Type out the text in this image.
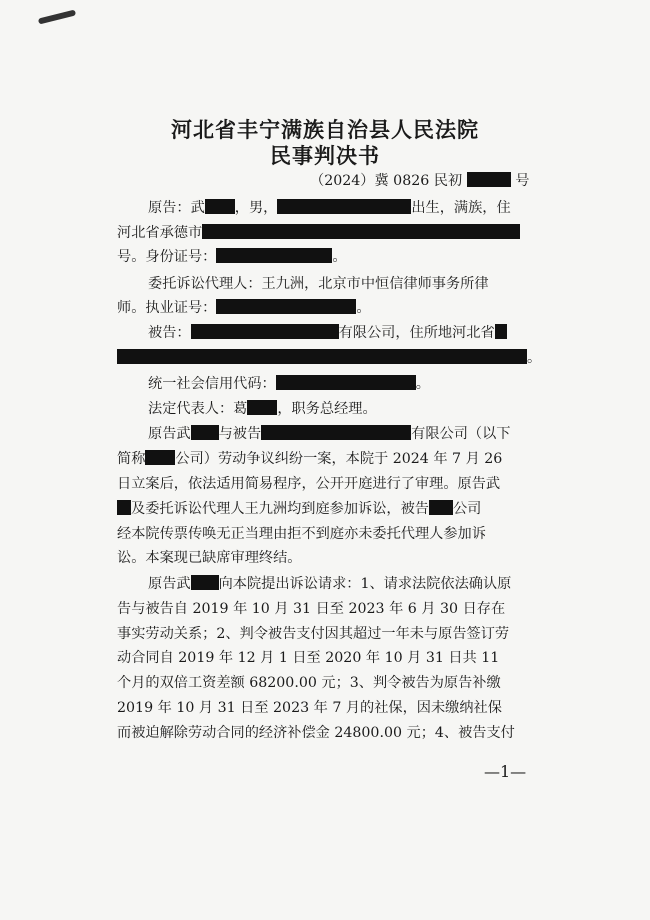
河北省丰宁满族自治县人民法院
民事判决书
（2024）冀 0826 民初	号
原告：武 ，男，	出生，满族，住
河北省承德市
号。身份证号：	。
委托诉讼代理人：王九洲，北京市中恒信律师事务所律
师。执业证号：	。
被告：	有限公司，住所地河北省
。
统一社会信用代码：	。
法定代表人：葛 ，职务总经理。
原告武 与被告	有限公司（以下
简称 公司）劳动争议纠纷一案，本院于 2024 年 7 月 26
日立案后，依法适用简易程序，公开开庭进行了审理。原告武
及委托诉讼代理人王九洲均到庭参加诉讼，被告 公司
经本院传票传唤无正当理由拒不到庭亦未委托代理人参加诉
讼。本案现已缺席审理终结。
原告武 向本院提出诉讼请求：1、请求法院依法确认原
告与被告自 2019 年 10 月 31 日至 2023 年 6 月 30 日存在
事实劳动关系；2、判令被告支付因其超过一年未与原告签订劳
动合同自 2019 年 12 月 1 日至 2020 年 10 月 31 日共 11
个月的双倍工资差额 68200.00 元；3、判令被告为原告补缴
2019 年 10 月 31 日至 2023 年 7 月的社保，因未缴纳社保
而被迫解除劳动合同的经济补偿金 24800.00 元；4、被告支付
—1—
